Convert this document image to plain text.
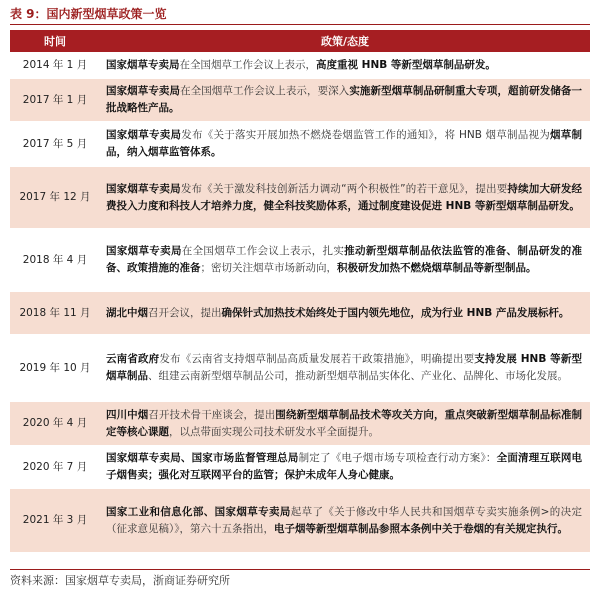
表 9：国内新型烟草政策一览
时间	政策/态度
2014 年 1 月	国家烟草专卖局在全国烟草工作会议上表示，高度重视 HNB 等新型烟草制品研发。
2017 年 1 月	国家烟草专卖局在全国烟草工作会议上表示，要深入实施新型烟草制品研制重大专项，超前研发储备一批战略性产品。
2017 年 5 月	国家烟草专卖局发布《关于落实开展加热不燃烧卷烟监管工作的通知》，将 HNB 烟草制品视为烟草制品，纳入烟草监管体系。
2017 年 12 月	国家烟草专卖局发布《关于激发科技创新活力调动“两个积极性”的若干意见》，提出要持续加大研发经费投入力度和科技人才培养力度，健全科技奖励体系，通过制度建设促进 HNB 等新型烟草制品研发。
2018 年 4 月	国家烟草专卖局在全国烟草工作会议上表示，扎实推动新型烟草制品依法监管的准备、制品研发的准备、政策措施的准备；密切关注烟草市场新动向，积极研发加热不燃烧烟草制品等新型制品。
2018 年 11 月	湖北中烟召开会议，提出确保针式加热技术始终处于国内领先地位，成为行业 HNB 产品发展标杆。
2019 年 10 月	云南省政府发布《云南省支持烟草制品高质量发展若干政策措施》，明确提出要支持发展 HNB 等新型烟草制品、组建云南新型烟草制品公司，推动新型烟草制品实体化、产业化、品牌化、市场化发展。
2020 年 4 月	四川中烟召开技术骨干座谈会，提出围绕新型烟草制品技术等攻关方向，重点突破新型烟草制品标准制定等核心课题，以点带面实现公司技术研发水平全面提升。
2020 年 7 月	国家烟草专卖局、国家市场监督管理总局制定了《电子烟市场专项检查行动方案》：全面清理互联网电子烟售卖；强化对互联网平台的监管；保护未成年人身心健康。
2021 年 3 月	国家工业和信息化部、国家烟草专卖局起草了《关于修改中华人民共和国烟草专卖实施条例>的决定（征求意见稿）》，第六十五条指出，电子烟等新型烟草制品参照本条例中关于卷烟的有关规定执行。
资料来源：国家烟草专卖局，浙商证券研究所
